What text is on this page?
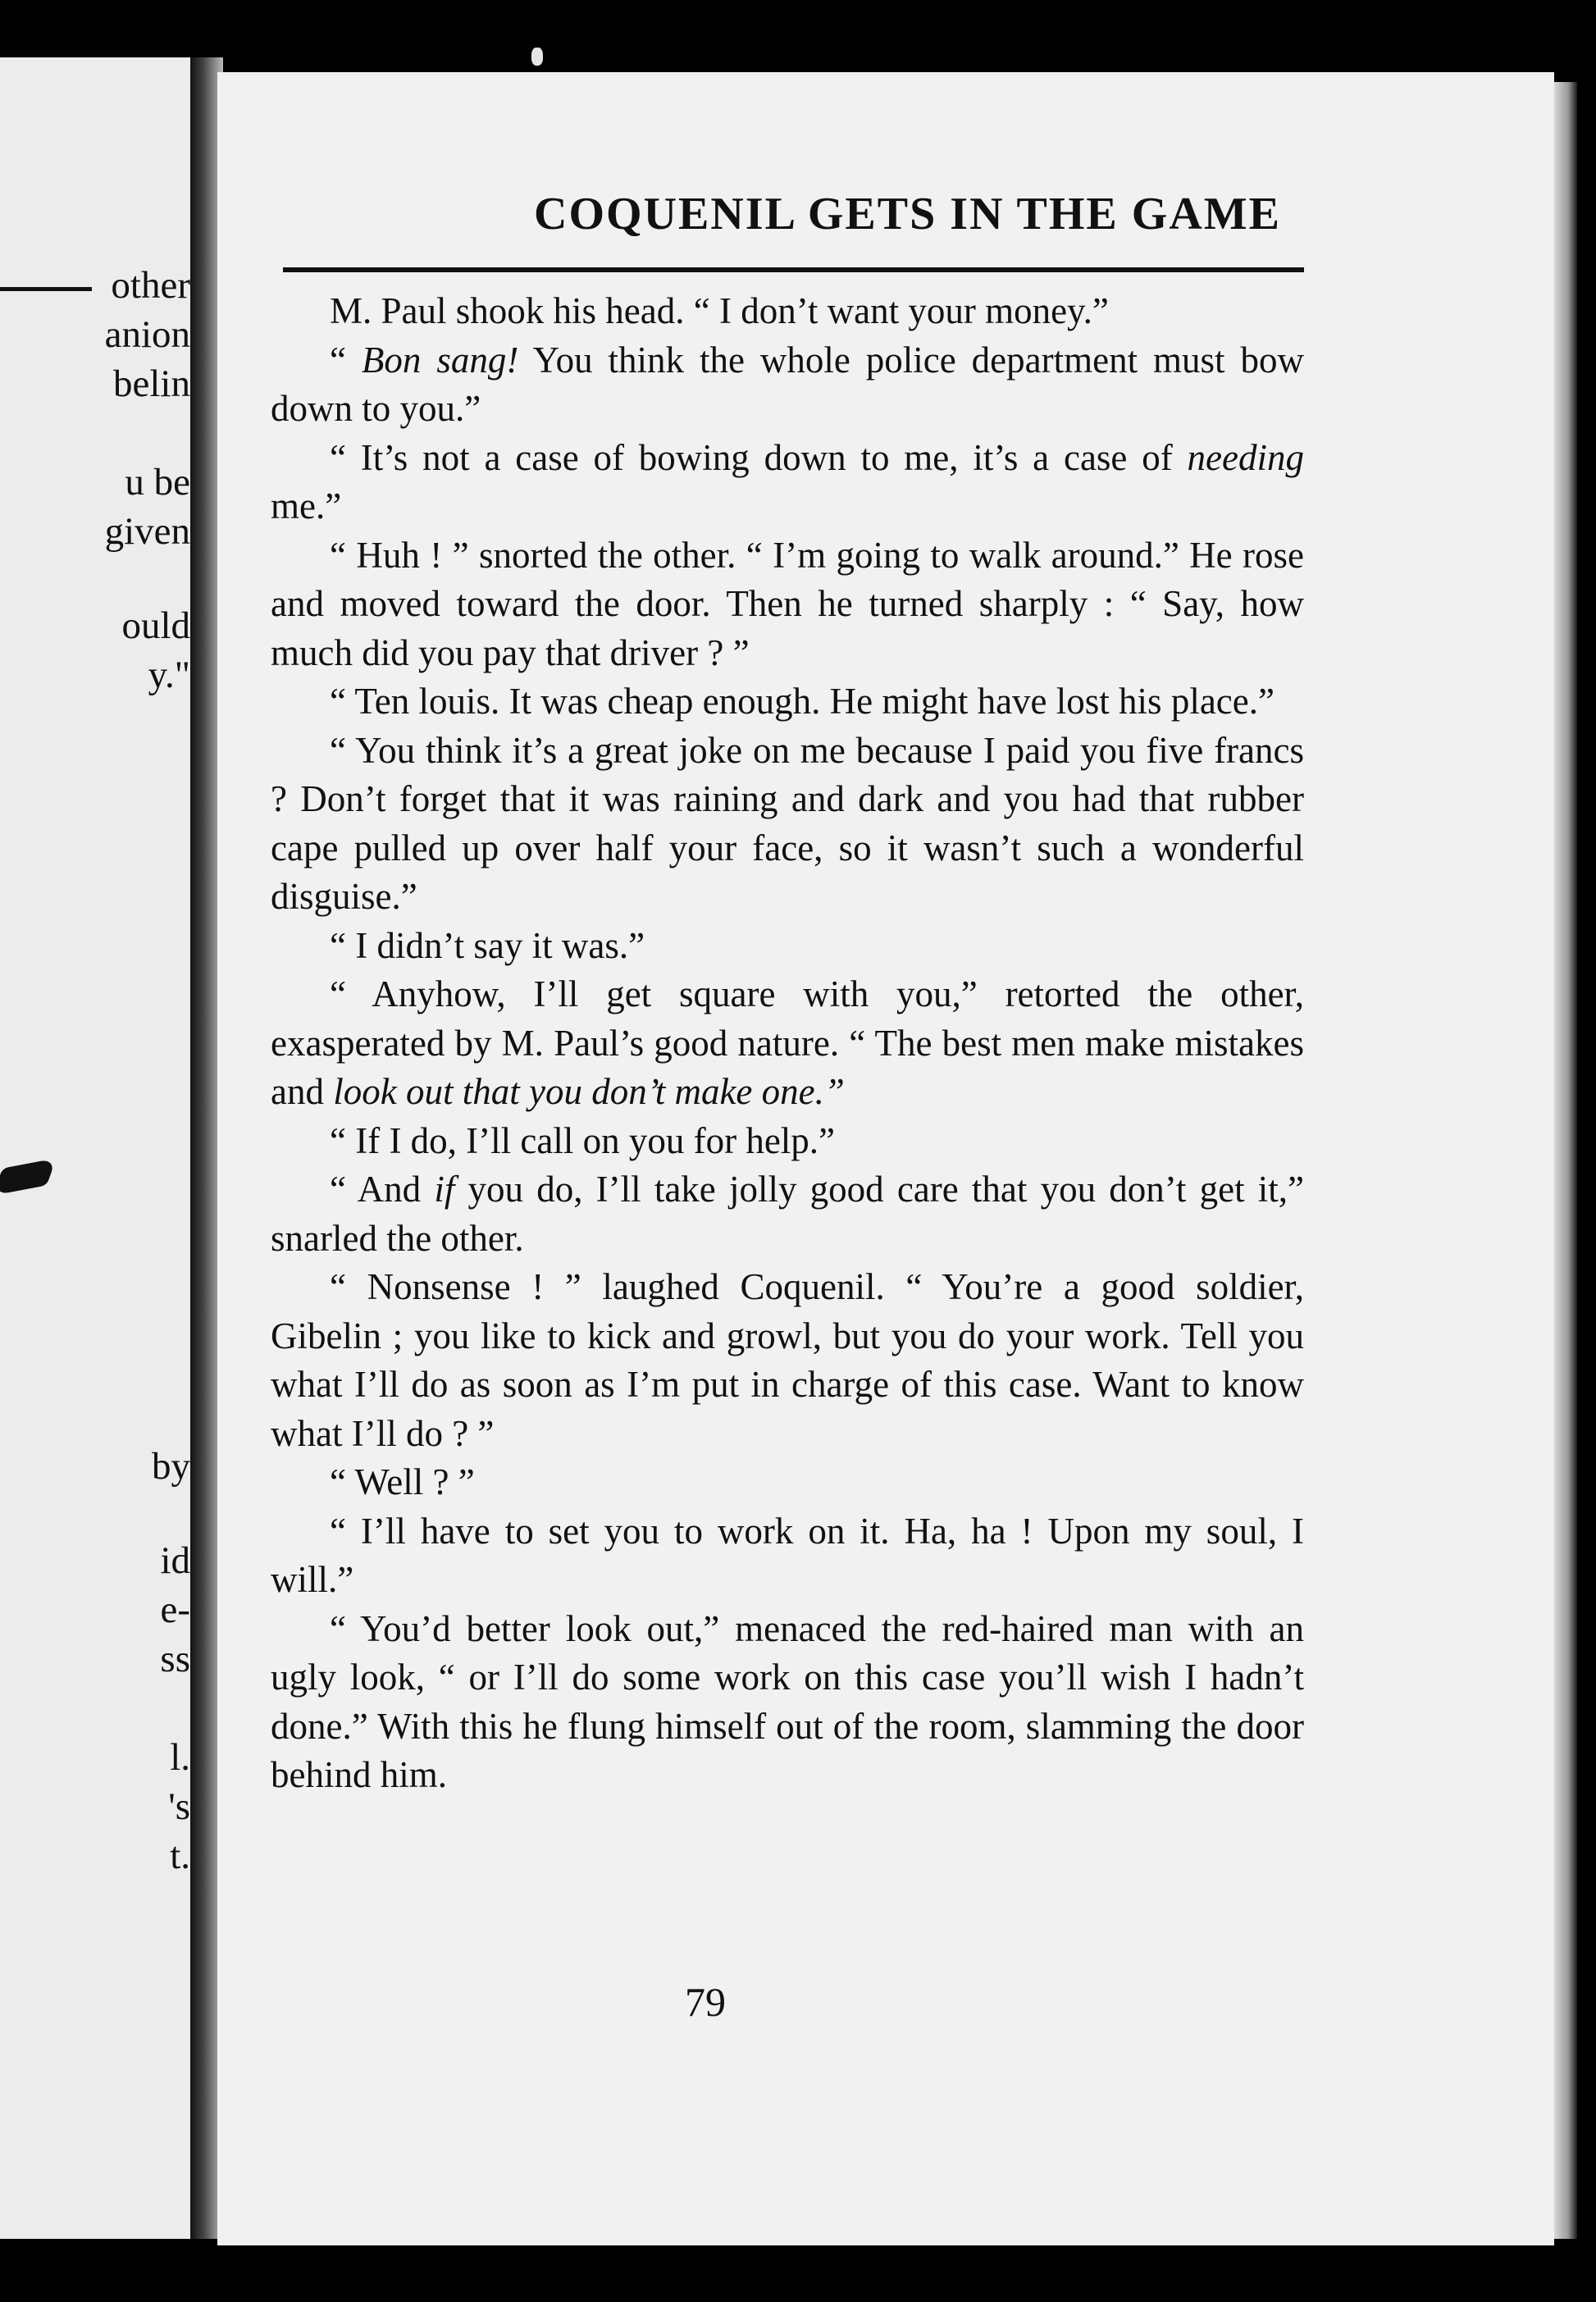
other
anion
belin
u be
given
ould
y."
by
id
e-
ss
l.
's
t.
COQUENIL GETS IN THE GAME

M. Paul shook his head. “ I don’t want your money.”

“ Bon sang! You think the whole police department must bow down to you.”

“ It’s not a case of bowing down to me, it’s a case of needing me.”

“ Huh ! ” snorted the other. “ I’m going to walk around.” He rose and moved toward the door. Then he turned sharply : “ Say, how much did you pay that driver ? ”

“ Ten louis. It was cheap enough. He might have lost his place.”

“ You think it’s a great joke on me because I paid you five francs ? Don’t forget that it was raining and dark and you had that rubber cape pulled up over half your face, so it wasn’t such a wonderful disguise.”

“ I didn’t say it was.”

“ Anyhow, I’ll get square with you,” retorted the other, exasperated by M. Paul’s good nature. “ The best men make mistakes and look out that you don’t make one.”

“ If I do, I’ll call on you for help.”

“ And if you do, I’ll take jolly good care that you don’t get it,” snarled the other.

“ Nonsense ! ” laughed Coquenil. “ You’re a good soldier, Gibelin ; you like to kick and growl, but you do your work. Tell you what I’ll do as soon as I’m put in charge of this case. Want to know what I’ll do ? ”

“ Well ? ”

“ I’ll have to set you to work on it. Ha, ha ! Upon my soul, I will.”

“ You’d better look out,” menaced the red-haired man with an ugly look, “ or I’ll do some work on this case you’ll wish I hadn’t done.” With this he flung himself out of the room, slamming the door behind him.

79
